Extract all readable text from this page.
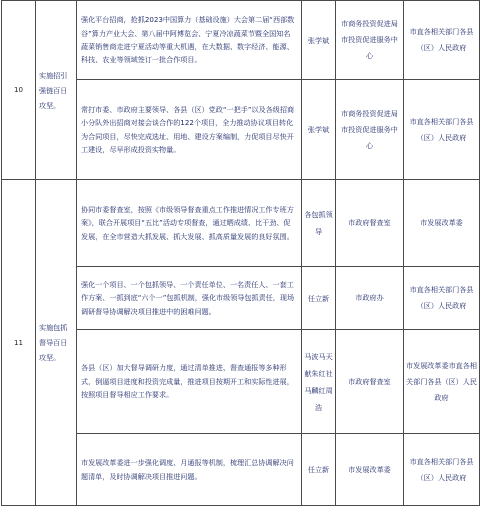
10	实施招引强链百日攻坚。	强化平台招商，抢抓2023中国算力（基础设施）大会第二届“西部数谷”算力产业大会、第八届中阿博览会、宁夏冷凉蔬菜节暨全国知名蔬菜销售商走进宁夏活动等重大机遇，在大数据、数字经济、能源、科技、农业等领域签订一批合作项目。	张学斌	市商务投资促进局市投资促进服务中心	市直各相关部门各县（区）人民政府
		常打市委、市政府主要领导、各县（区）党政“一把手”以及各级招商小分队外出招商对接会谈合作的122个项目，全力推动协议项目转化为合同项目，尽快完成选址、用地、建设方案编制，力促项目尽快开工建设，尽早形成投资实物量。	张学斌	市商务投资促进局市投资促进服务中心	市直各相关部门各县（区）人民政府
11	实施包抓督导百日攻坚。	协同市委督查室，按照《市级领导督查重点工作推进情况工作专班方案》，联合开展项目“五比”活动专项督查，通过晒成绩、比干劲、促发展，在全市营造大抓发展、抓大发展、抓高质量发展的良好氛围。	各包抓领导	市政府督查室	市发展改革委
		强化一个项目、一个包抓领导、一个责任单位、一名责任人、一套工作方案、一抓到底“六个一”包抓机制，强化市级领导包抓责任，现场调研督导协调解决项目推进中的困难问题。	任立新	市政府办	市直各相关部门各县（区）人民政府
		各县（区）加大督导调研力度，通过清单推进、督查通报等多种形式，倒逼项目进度和投资完成量，推进项目按期开工和实际性进展，按照项目督导相应工作要求。	马波马天献朱红社马麟红周浩	市政府督查室	市发展改革委市直各相关部门各县（区）人民政府
		市发展改革委进一步强化调度、月通报等机制，梳理汇总协调解决问题清单，及时协调解决项目推进问题。	任立新	市发展改革委	市直各相关部门各县（区）人民政府
